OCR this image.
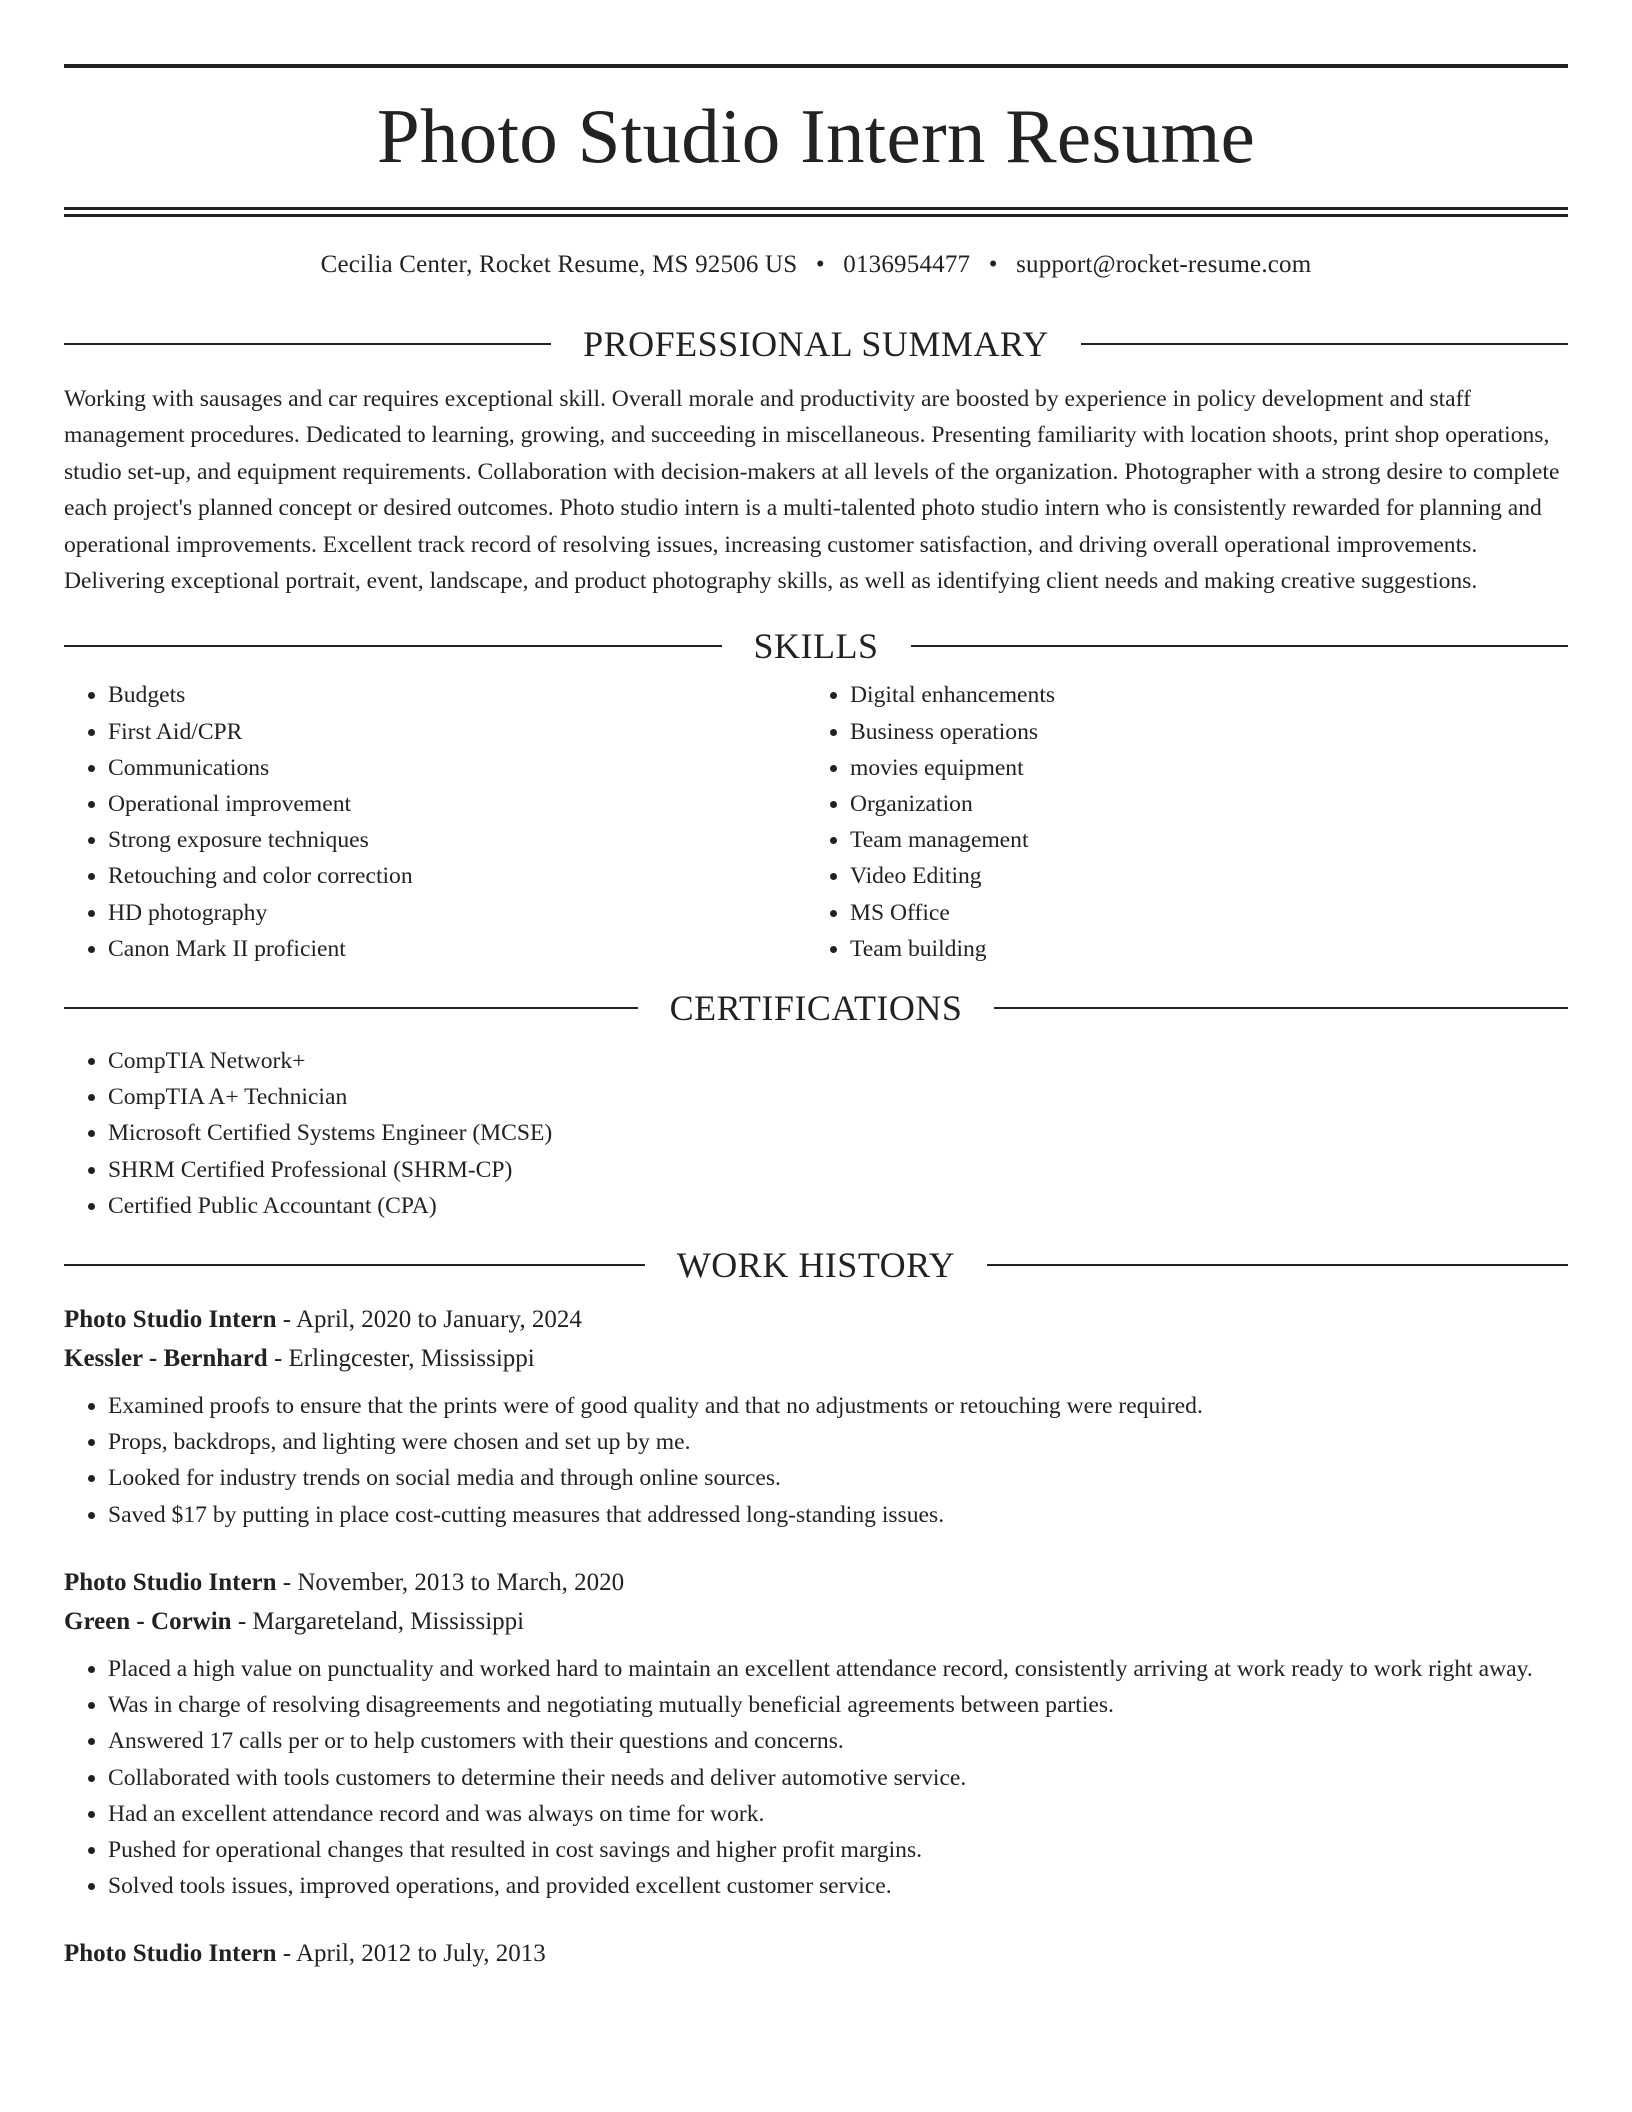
Photo Studio Intern Resume
Cecilia Center, Rocket Resume, MS 92506 US • 0136954477 • support@rocket-resume.com
PROFESSIONAL SUMMARY

Working with sausages and car requires exceptional skill. Overall morale and productivity are boosted by experience in policy development and staff management procedures. Dedicated to learning, growing, and succeeding in miscellaneous. Presenting familiarity with location shoots, print shop operations, studio set-up, and equipment requirements. Collaboration with decision-makers at all levels of the organization. Photographer with a strong desire to complete each project's planned concept or desired outcomes. Photo studio intern is a multi-talented photo studio intern who is consistently rewarded for planning and operational improvements. Excellent track record of resolving issues, increasing customer satisfaction, and driving overall operational improvements. Delivering exceptional portrait, event, landscape, and product photography skills, as well as identifying client needs and making creative suggestions.

SKILLS
• Budgets
• First Aid/CPR
• Communications
• Operational improvement
• Strong exposure techniques
• Retouching and color correction
• HD photography
• Canon Mark II proficient
• Digital enhancements
• Business operations
• movies equipment
• Organization
• Team management
• Video Editing
• MS Office
• Team building
CERTIFICATIONS
• CompTIA Network+
• CompTIA A+ Technician
• Microsoft Certified Systems Engineer (MCSE)
• SHRM Certified Professional (SHRM-CP)
• Certified Public Accountant (CPA)
WORK HISTORY
Photo Studio Intern - April, 2020 to January, 2024
Kessler - Bernhard - Erlingcester, Mississippi
• Examined proofs to ensure that the prints were of good quality and that no adjustments or retouching were required.
• Props, backdrops, and lighting were chosen and set up by me.
• Looked for industry trends on social media and through online sources.
• Saved $17 by putting in place cost-cutting measures that addressed long-standing issues.
Photo Studio Intern - November, 2013 to March, 2020
Green - Corwin - Margareteland, Mississippi
• Placed a high value on punctuality and worked hard to maintain an excellent attendance record, consistently arriving at work ready to work right away.
• Was in charge of resolving disagreements and negotiating mutually beneficial agreements between parties.
• Answered 17 calls per or to help customers with their questions and concerns.
• Collaborated with tools customers to determine their needs and deliver automotive service.
• Had an excellent attendance record and was always on time for work.
• Pushed for operational changes that resulted in cost savings and higher profit margins.
• Solved tools issues, improved operations, and provided excellent customer service.
Photo Studio Intern - April, 2012 to July, 2013
